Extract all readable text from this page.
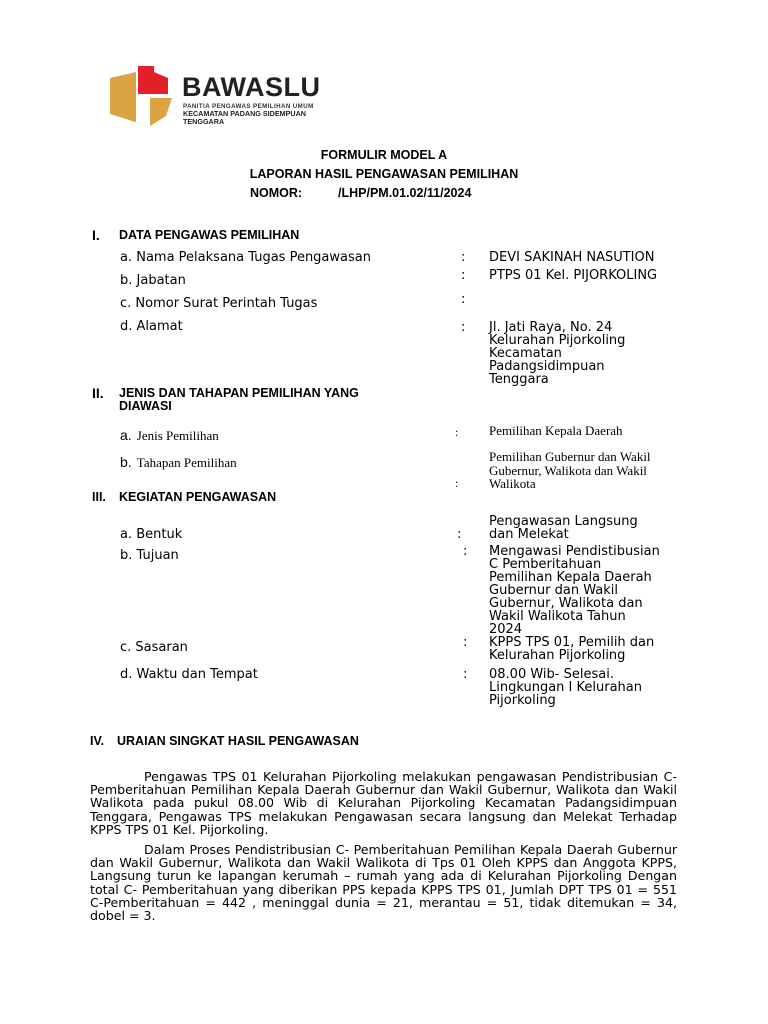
BAWASLU
PANITIA PENGAWAS PEMILIHAN UMUM
KECAMATAN PADANG SIDEMPUAN TENGGARA
FORMULIR MODEL A
LAPORAN HASIL PENGAWASAN PEMILIHAN
NOMOR:	/LHP/PM.01.02/11/2024
I. DATA PENGAWAS PEMILIHAN
a. Nama Pelaksana Tugas Pengawasan	: DEVI SAKINAH NASUTION
b. Jabatan	: PTPS 01 Kel. PIJORKOLING
c. Nomor Surat Perintah Tugas	:
d. Alamat	: Jl. Jati Raya, No. 24
Kelurahan Pijorkoling
Kecamatan
Padangsidimpuan
Tenggara
II. JENIS DAN TAHAPAN PEMILIHAN YANG
DIAWASI
a. Jenis Pemilihan	: Pemilihan Kepala Daerah
b. Tahapan Pemilihan
:
Pemilihan Gubernur dan Wakil
Gubernur, Walikota dan Wakil
Walikota
III. KEGIATAN PENGAWASAN
a. Bentuk	:
Pengawasan Langsung
dan Melekat
b. Tujuan	: Mengawasi Pendistibusian
C Pemberitahuan
Pemilihan Kepala Daerah
Gubernur dan Wakil
Gubernur, Walikota dan
Wakil Walikota Tahun
2024
c. Sasaran	: KPPS TPS 01, Pemilih dan
Kelurahan Pijorkoling
d. Waktu dan Tempat	: 08.00 Wib- Selesai.
Lingkungan I Kelurahan
Pijorkoling
IV. URAIAN SINGKAT HASIL PENGAWASAN
Pengawas TPS 01 Kelurahan Pijorkoling melakukan pengawasan Pendistribusian C- Pemberitahuan Pemilihan Kepala Daerah Gubernur dan Wakil Gubernur, Walikota dan Wakil Walikota pada pukul 08.00 Wib di Kelurahan Pijorkoling Kecamatan Padangsidimpuan Tenggara, Pengawas TPS melakukan Pengawasan secara langsung dan Melekat Terhadap KPPS TPS 01 Kel. Pijorkoling.
Dalam Proses Pendistribusian C- Pemberitahuan Pemilihan Kepala Daerah Gubernur dan Wakil Gubernur, Walikota dan Wakil Walikota di Tps 01 Oleh KPPS dan Anggota KPPS, Langsung turun ke lapangan kerumah – rumah yang ada di Kelurahan Pijorkoling Dengan total C- Pemberitahuan yang diberikan PPS kepada KPPS TPS 01, Jumlah DPT TPS 01 = 551 C-Pemberitahuan = 442 , meninggal dunia = 21, merantau = 51, tidak ditemukan = 34, dobel = 3.
